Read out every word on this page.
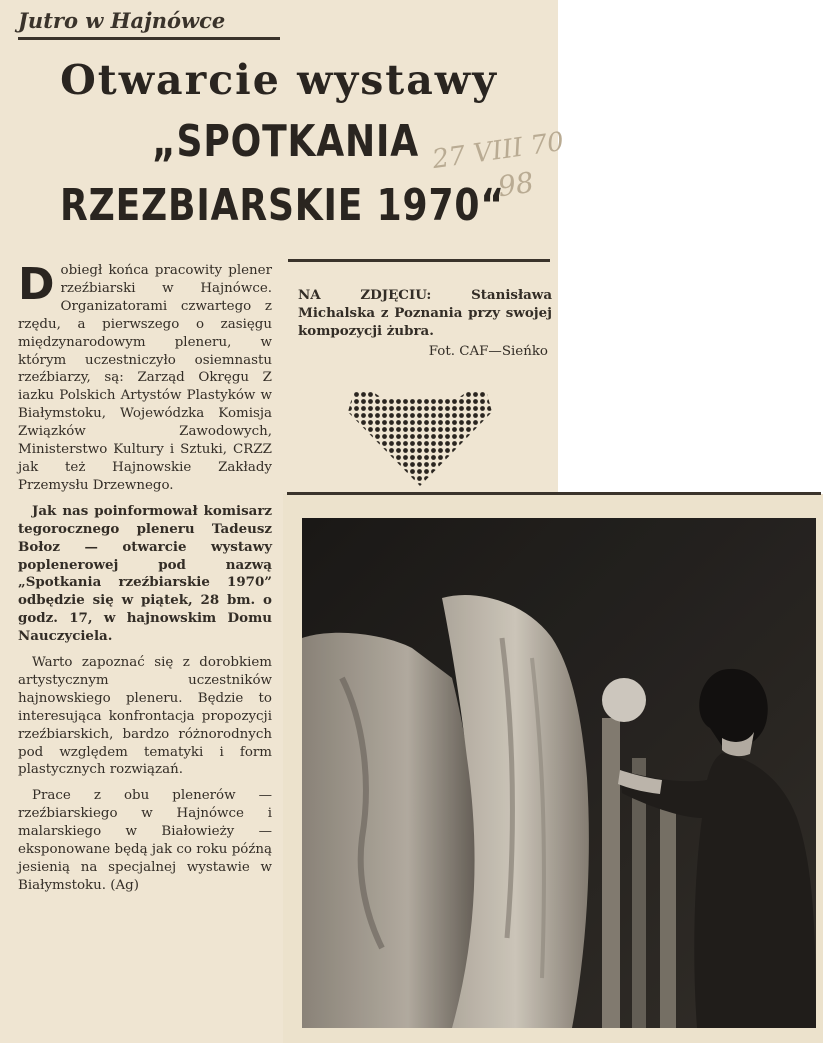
Jutro w Hajnówce
Otwarcie wystawy
„SPOTKANIA
RZEZBIARSKIE 1970“
27 VIII 70
98

Dobiegł końca pracowity plener rzeźbiarski w Hajnówce. Organizatorami czwartego z rzędu, a pierwszego o zasięgu międzynarodowym pleneru, w którym uczestniczyło osiemnastu rzeźbiarzy, są: Zarząd Okręgu Z iazku Polskich Artystów Plastyków w Białymstoku, Wojewódzka Komisja Związków Zawodowych, Ministerstwo Kultury i Sztuki, CRZZ jak też Hajnowskie Zakłady Przemysłu Drzewnego.

Jak nas poinformował komisarz tegorocznego pleneru Tadeusz Bołoz — otwarcie wystawy poplenerowej pod nazwą „Spotkania rzeźbiarskie 1970” odbędzie się w piątek, 28 bm. o godz. 17, w hajnowskim Domu Nauczyciela.

Warto zapoznać się z dorobkiem artystycznym uczestników hajnowskiego pleneru. Będzie to interesująca konfrontacja propozycji rzeźbiarskich, bardzo różnorodnych pod względem tematyki i form plastycznych rozwiązań.

Prace z obu plenerów — rzeźbiarskiego w Hajnówce i malarskiego w Białowieży — eksponowane będą jak co roku późną jesienią na specjalnej wystawie w Białymstoku. (Ag)

NA ZDJĘCIU: Stanisława Michalska z Poznania przy swojej kompozycji żubra.
Fot. CAF—Sieńko
